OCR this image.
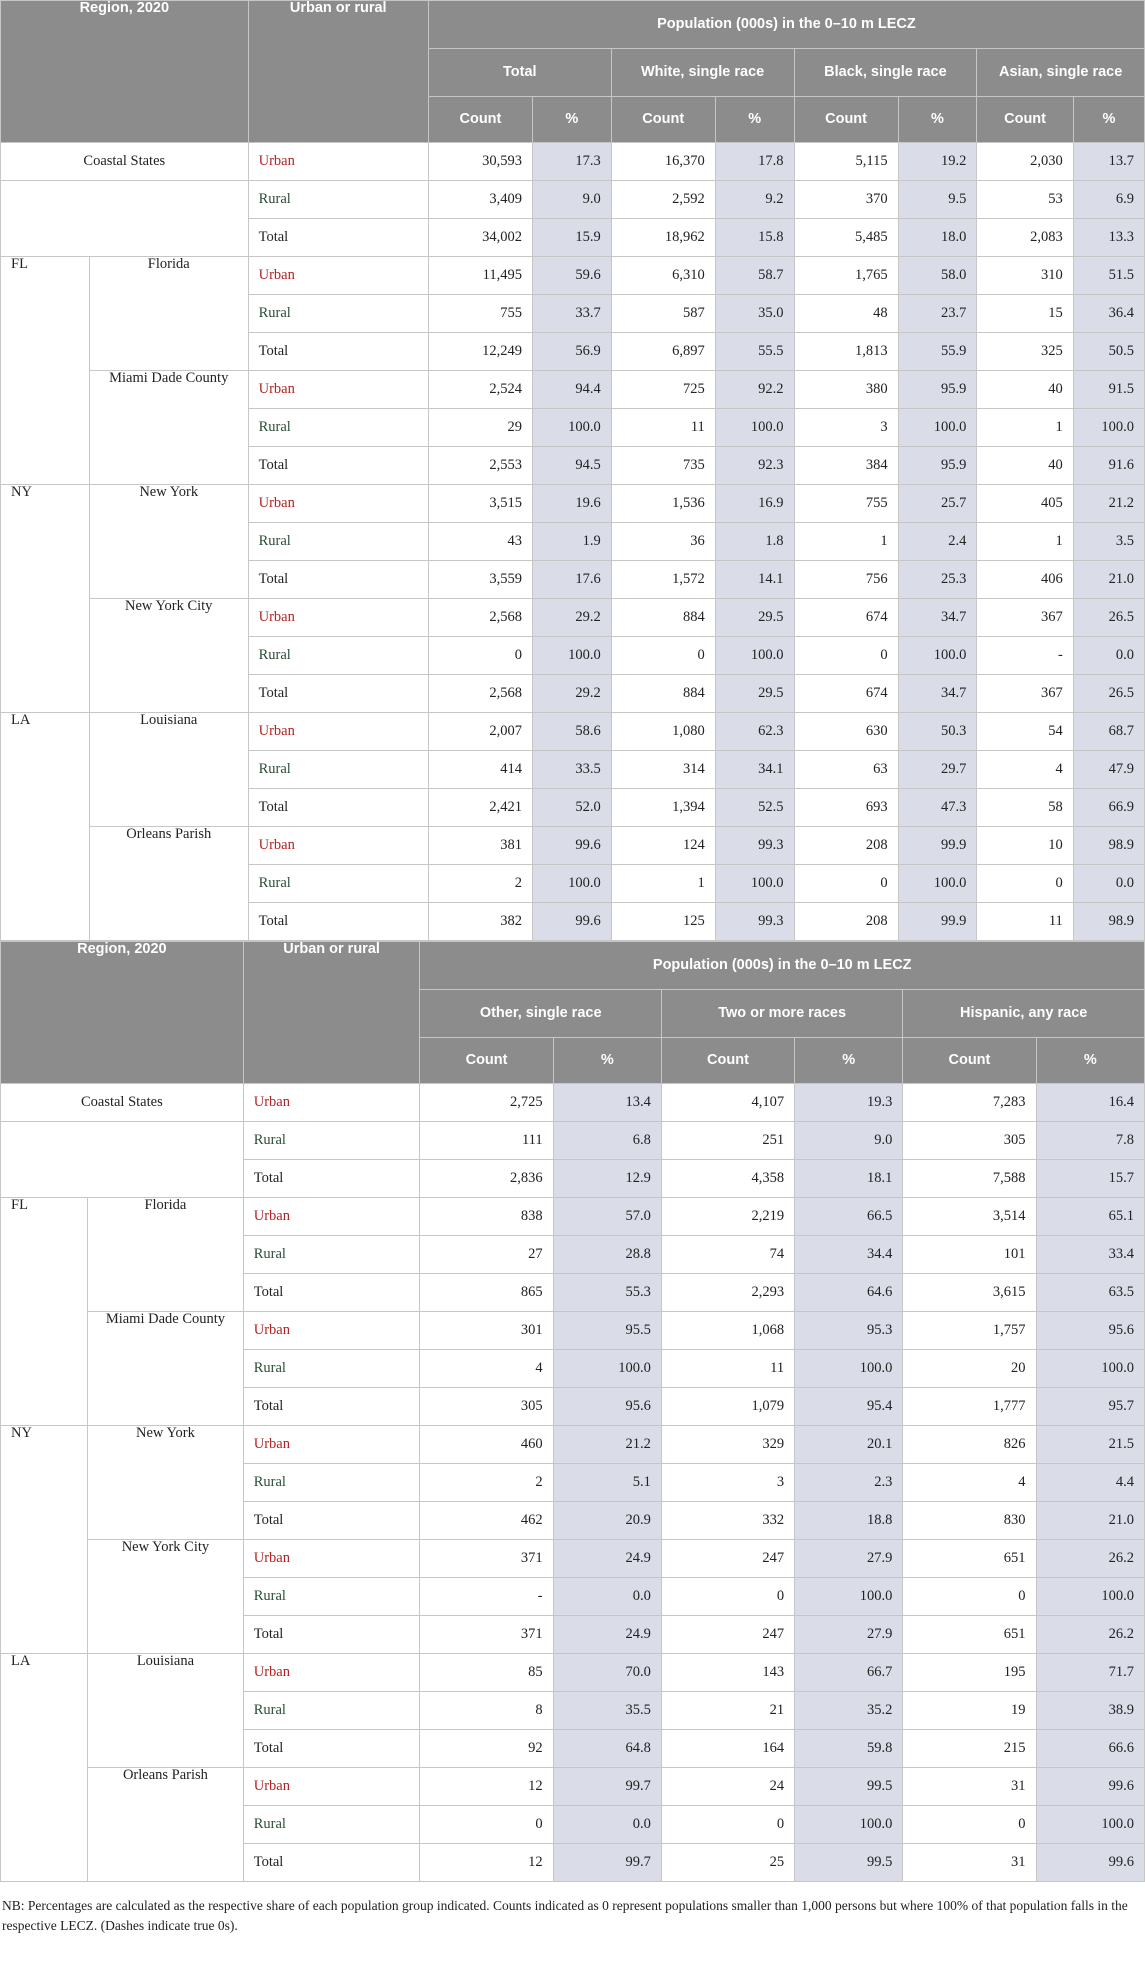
Region, 2020		Urban or rural	Population (000s) in the 0–10 m LECZ							
			Total		White, single race		Black, single race		Asian, single race	
			Count	%	Count	%	Count	%	Count	%
Coastal States		Urban	30,593	17.3	16,370	17.8	5,115	19.2	2,030	13.7
		Rural	3,409	9.0	2,592	9.2	370	9.5	53	6.9
		Total	34,002	15.9	18,962	15.8	5,485	18.0	2,083	13.3
FL	Florida	Urban	11,495	59.6	6,310	58.7	1,765	58.0	310	51.5
		Rural	755	33.7	587	35.0	48	23.7	15	36.4
		Total	12,249	56.9	6,897	55.5	1,813	55.9	325	50.5
	Miami Dade County	Urban	2,524	94.4	725	92.2	380	95.9	40	91.5
		Rural	29	100.0	11	100.0	3	100.0	1	100.0
		Total	2,553	94.5	735	92.3	384	95.9	40	91.6
NY	New York	Urban	3,515	19.6	1,536	16.9	755	25.7	405	21.2
		Rural	43	1.9	36	1.8	1	2.4	1	3.5
		Total	3,559	17.6	1,572	14.1	756	25.3	406	21.0
	New York City	Urban	2,568	29.2	884	29.5	674	34.7	367	26.5
		Rural	0	100.0	0	100.0	0	100.0	-	0.0
		Total	2,568	29.2	884	29.5	674	34.7	367	26.5
LA	Louisiana	Urban	2,007	58.6	1,080	62.3	630	50.3	54	68.7
		Rural	414	33.5	314	34.1	63	29.7	4	47.9
		Total	2,421	52.0	1,394	52.5	693	47.3	58	66.9
	Orleans Parish	Urban	381	99.6	124	99.3	208	99.9	10	98.9
		Rural	2	100.0	1	100.0	0	100.0	0	0.0
		Total	382	99.6	125	99.3	208	99.9	11	98.9
Region, 2020		Urban or rural	Population (000s) in the 0–10 m LECZ					
			Other, single race		Two or more races		Hispanic, any race	
			Count	%	Count	%	Count	%
Coastal States		Urban	2,725	13.4	4,107	19.3	7,283	16.4
		Rural	111	6.8	251	9.0	305	7.8
		Total	2,836	12.9	4,358	18.1	7,588	15.7
FL	Florida	Urban	838	57.0	2,219	66.5	3,514	65.1
		Rural	27	28.8	74	34.4	101	33.4
		Total	865	55.3	2,293	64.6	3,615	63.5
	Miami Dade County	Urban	301	95.5	1,068	95.3	1,757	95.6
		Rural	4	100.0	11	100.0	20	100.0
		Total	305	95.6	1,079	95.4	1,777	95.7
NY	New York	Urban	460	21.2	329	20.1	826	21.5
		Rural	2	5.1	3	2.3	4	4.4
		Total	462	20.9	332	18.8	830	21.0
	New York City	Urban	371	24.9	247	27.9	651	26.2
		Rural	-	0.0	0	100.0	0	100.0
		Total	371	24.9	247	27.9	651	26.2
LA	Louisiana	Urban	85	70.0	143	66.7	195	71.7
		Rural	8	35.5	21	35.2	19	38.9
		Total	92	64.8	164	59.8	215	66.6
	Orleans Parish	Urban	12	99.7	24	99.5	31	99.6
		Rural	0	0.0	0	100.0	0	100.0
		Total	12	99.7	25	99.5	31	99.6
NB: Percentages are calculated as the respective share of each population group indicated. Counts indicated as 0 represent populations smaller than 1,000 persons but where 100% of that population falls in the respective LECZ. (Dashes indicate true 0s).
